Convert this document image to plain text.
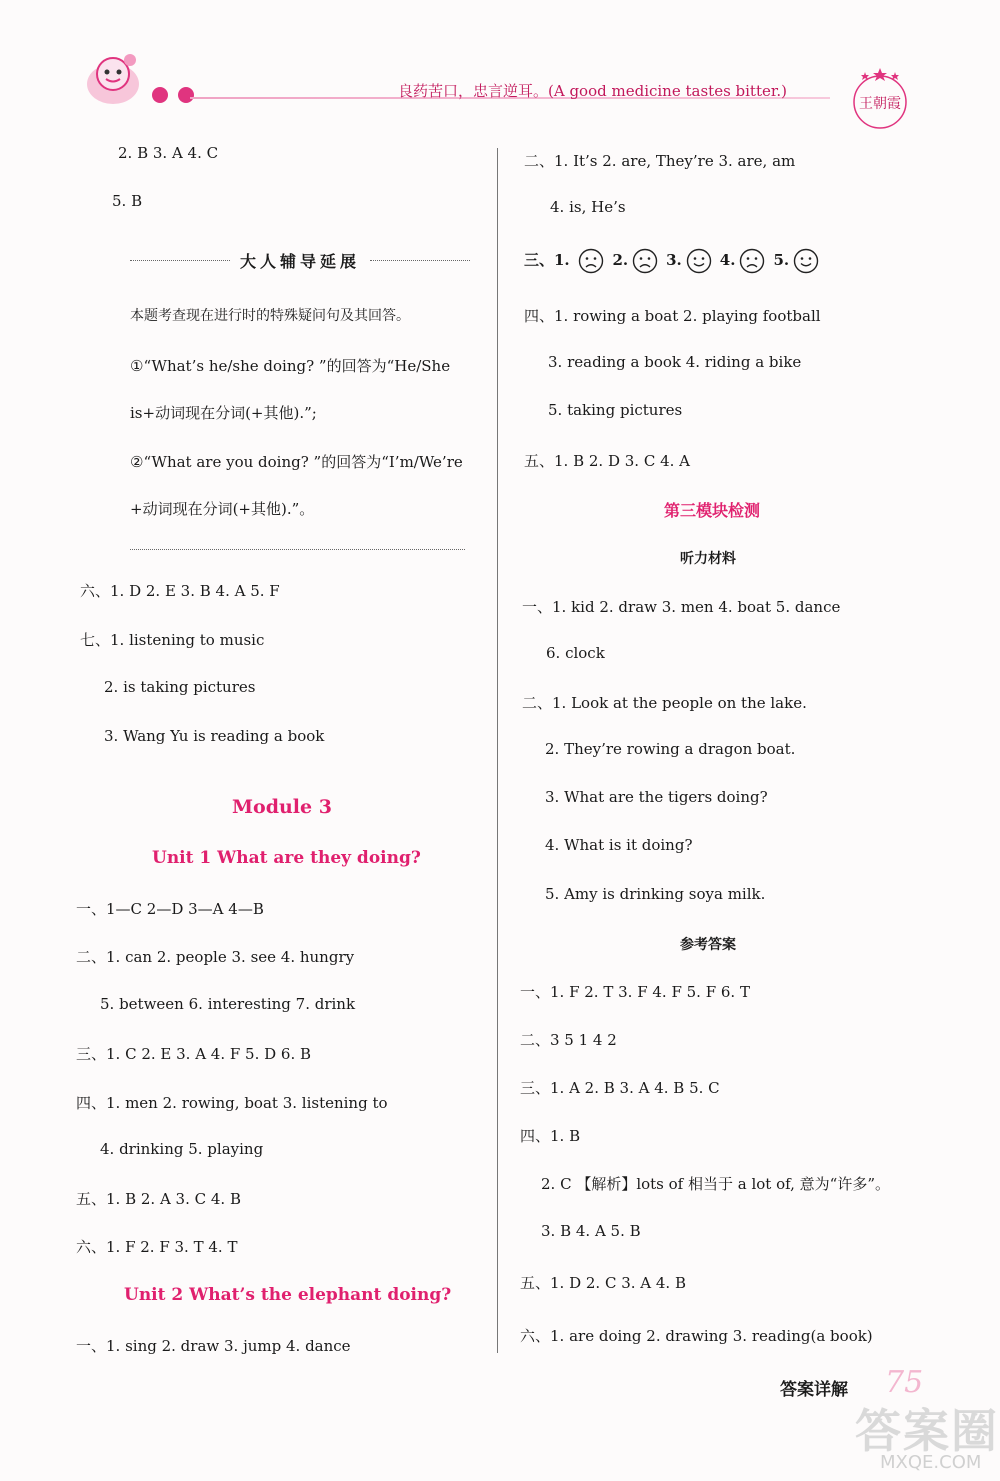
良药苦口，忠言逆耳。(A good medicine tastes bitter.)
王朝霞
2. B 3. A 4. C
5. B
大人辅导延展
本题考查现在进行时的特殊疑问句及其回答。
①“What’s he/she doing? ”的回答为“He/She
is+动词现在分词(+其他).”;
②“What are you doing? ”的回答为“I’m/We’re
+动词现在分词(+其他).”。
六、1. D 2. E 3. B 4. A 5. F
七、1. listening to music
2. is taking pictures
3. Wang Yu is reading a book
Module 3
Unit 1 What are they doing?
一、1—C 2—D 3—A 4—B
二、1. can 2. people 3. see 4. hungry
5. between 6. interesting 7. drink
三、1. C 2. E 3. A 4. F 5. D 6. B
四、1. men 2. rowing, boat 3. listening to
4. drinking 5. playing
五、1. B 2. A 3. C 4. B
六、1. F 2. F 3. T 4. T
Unit 2 What’s the elephant doing?
一、1. sing 2. draw 3. jump 4. dance
二、1. It’s 2. are, They’re 3. are, am
4. is, He’s
三、1.	2.	3.	4.	5.
四、1. rowing a boat 2. playing football
3. reading a book 4. riding a bike
5. taking pictures
五、1. B 2. D 3. C 4. A
第三模块检测
听力材料
一、1. kid 2. draw 3. men 4. boat 5. dance
6. clock
二、1. Look at the people on the lake.
2. They’re rowing a dragon boat.
3. What are the tigers doing?
4. What is it doing?
5. Amy is drinking soya milk.
参考答案
一、1. F 2. T 3. F 4. F 5. F 6. T
二、3 5 1 4 2
三、1. A 2. B 3. A 4. B 5. C
四、1. B
2. C 【解析】lots of 相当于 a lot of, 意为“许多”。
3. B 4. A 5. B
五、1. D 2. C 3. A 4. B
六、1. are doing 2. drawing 3. reading(a book)
答案详解 75
答案圈
MXQE.COM
